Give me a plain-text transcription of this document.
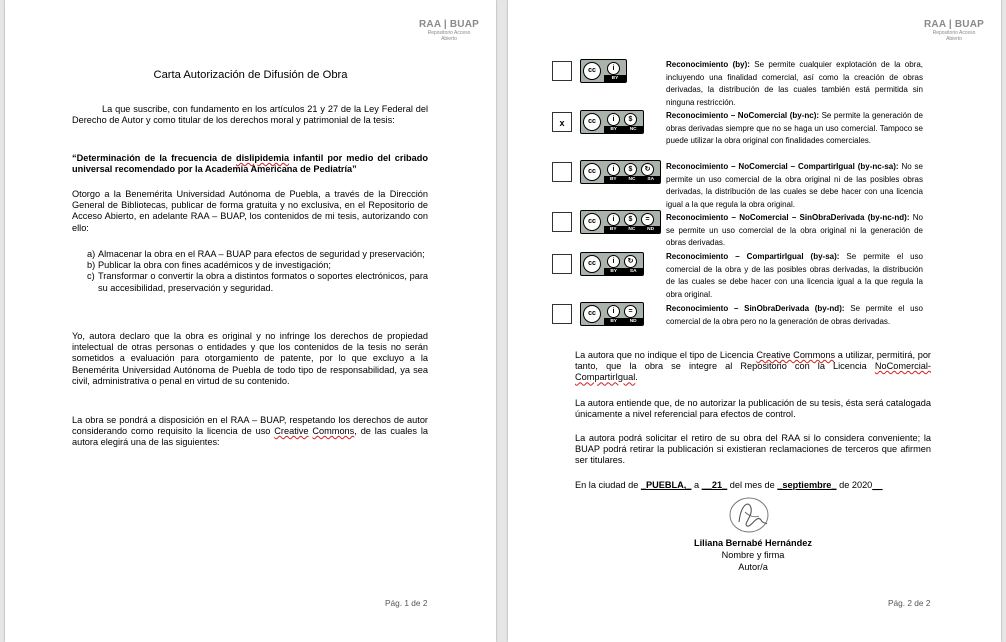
RAA | BUAP
Repositorio Acceso
Abierto
Carta Autorización de Difusión de Obra

La que suscribe, con fundamento en los artículos 21 y 27 de la Ley Federal del Derecho de Autor y como titular de los derechos moral y patrimonial de la tesis:

“Determinación de la frecuencia de dislipidemia infantil por medio del cribado universal recomendado por la Academia Americana de Pediatría”

Otorgo a la Benemérita Universidad Autónoma de Puebla, a través de la Dirección General de Bibliotecas, publicar de forma gratuita y no exclusiva, en el Repositorio de Acceso Abierto, en adelante RAA – BUAP, los contenidos de mi tesis, autorizando con ello:

a) Almacenar la obra en el RAA – BUAP para efectos de seguridad y preservación;
b) Publicar la obra con fines académicos y de investigación;
c) Transformar o convertir la obra a distintos formatos o soportes electrónicos, para su accesibilidad, preservación y seguridad.

Yo, autora declaro que la obra es original y no infringe los derechos de propiedad intelectual de otras personas o entidades y que los contenidos de la tesis no serán sometidos a evaluación para otorgamiento de patente, por lo que excluyo a la Benemérita Universidad Autónoma de Puebla de todo tipo de responsabilidad, ya sea civil, administrativa o penal en virtud de su contenido.

La obra se pondrá a disposición en el RAA – BUAP, respetando los derechos de autor considerando como requisito la licencia de uso Creative Commons, de las cuales la autora elegirá una de las siguientes:

Pág. 1 de 2
RAA | BUAP
Repositorio Acceso
Abierto
cc	i
BY

Reconocimiento (by): Se permite cualquier explotación de la obra, incluyendo una finalidad comercial, así como la creación de obras derivadas, la distribución de las cuales también está permitida sin ninguna restricción.

x	cc	i	$
BY	NC

Reconocimiento – NoComercial (by-nc): Se permite la generación de obras derivadas siempre que no se haga un uso comercial. Tampoco se puede utilizar la obra original con finalidades comerciales.

cc	i	$	↻
BY NC SA

Reconocimiento – NoComercial – CompartirIgual (by-nc-sa): No se permite un uso comercial de la obra original ni de las posibles obras derivadas, la distribución de las cuales se debe hacer con una licencia igual a la que regula la obra original.

cc	i	$	=
BY NC ND

Reconocimiento – NoComercial – SinObraDerivada (by-nc-nd): No se permite un uso comercial de la obra original ni la generación de obras derivadas.

cc	i	↻
BY	SA

Reconocimiento – CompartirIgual (by-sa): Se permite el uso comercial de la obra y de las posibles obras derivadas, la distribución de las cuales se debe hacer con una licencia igual a la que regula la obra original.

cc	i	=
BY	ND

Reconocimiento – SinObraDerivada (by-nd): Se permite el uso comercial de la obra pero no la generación de obras derivadas.

La autora que no indique el tipo de Licencia Creative Commons a utilizar, permitirá, por tanto, que la obra se integre al Repositorio con la Licencia NoComercial-CompartirIgual.

La autora entiende que, de no autorizar la publicación de su tesis, ésta será catalogada únicamente a nivel referencial para efectos de control.

La autora podrá solicitar el retiro de su obra del RAA si lo considera conveniente; la BUAP podrá retirar la publicación si existieran reclamaciones de terceros que afirmen ser titulares.

En la ciudad de _PUEBLA,_ a __21_ del mes de _septiembre_ de 2020__

Liliana Bernabé Hernández
Nombre y firma
Autor/a
Pág. 2 de 2
